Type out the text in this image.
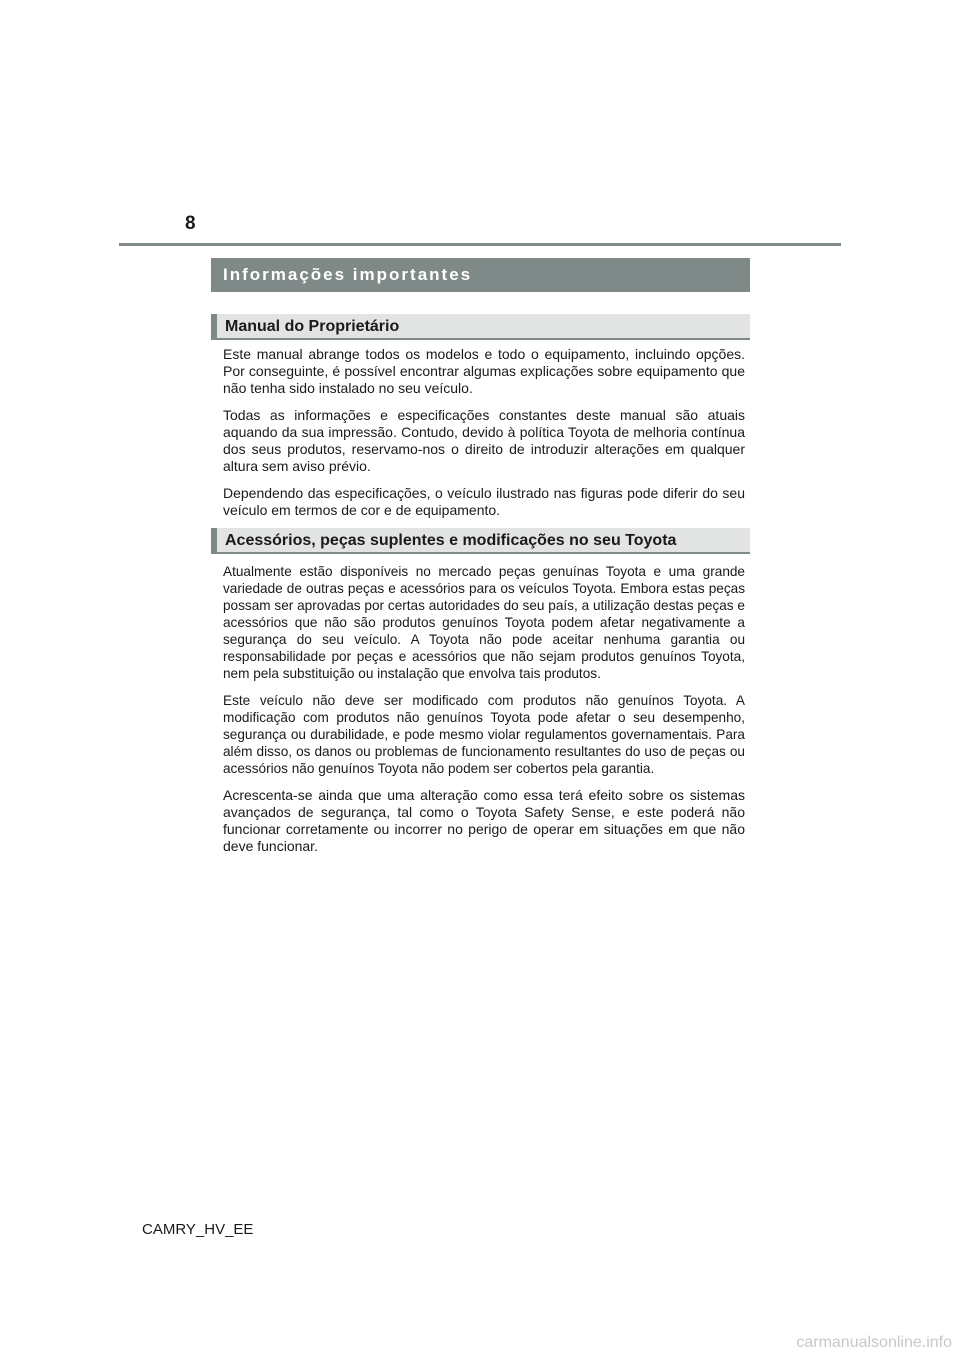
8
Informações importantes
Manual do Proprietário

Este manual abrange todos os modelos e todo o equipamento, incluindo opções. Por conseguinte, é possível encontrar algumas explicações sobre equipamento que não tenha sido instalado no seu veículo.

Todas as informações e especificações constantes deste manual são atuais aquando da sua impressão. Contudo, devido à política Toyota de melhoria contínua dos seus produtos, reservamo-nos o direito de introduzir alterações em qualquer altura sem aviso prévio.

Dependendo das especificações, o veículo ilustrado nas figuras pode diferir do seu veículo em termos de cor e de equipamento.

Acessórios, peças suplentes e modificações no seu Toyota

Atualmente estão disponíveis no mercado peças genuínas Toyota e uma grande variedade de outras peças e acessórios para os veículos Toyota. Embora estas peças possam ser aprovadas por certas autoridades do seu país, a utilização destas peças e acessórios que não são produtos genuínos Toyota podem afetar negativamente a segurança do seu veículo. A Toyota não pode aceitar nenhuma garantia ou responsabilidade por peças e acessórios que não sejam produtos genuínos Toyota, nem pela substituição ou instalação que envolva tais produtos.

Este veículo não deve ser modificado com produtos não genuínos Toyota. A modificação com produtos não genuínos Toyota pode afetar o seu desempenho, segurança ou durabilidade, e pode mesmo violar regulamentos governamentais. Para além disso, os danos ou problemas de funcionamento resultantes do uso de peças ou acessórios não genuínos Toyota não podem ser cobertos pela garantia.

Acrescenta-se ainda que uma alteração como essa terá efeito sobre os sistemas avançados de segurança, tal como o Toyota Safety Sense, e este poderá não funcionar corretamente ou incorrer no perigo de operar em situações em que não deve funcionar.

CAMRY_HV_EE
carmanualsonline.info
